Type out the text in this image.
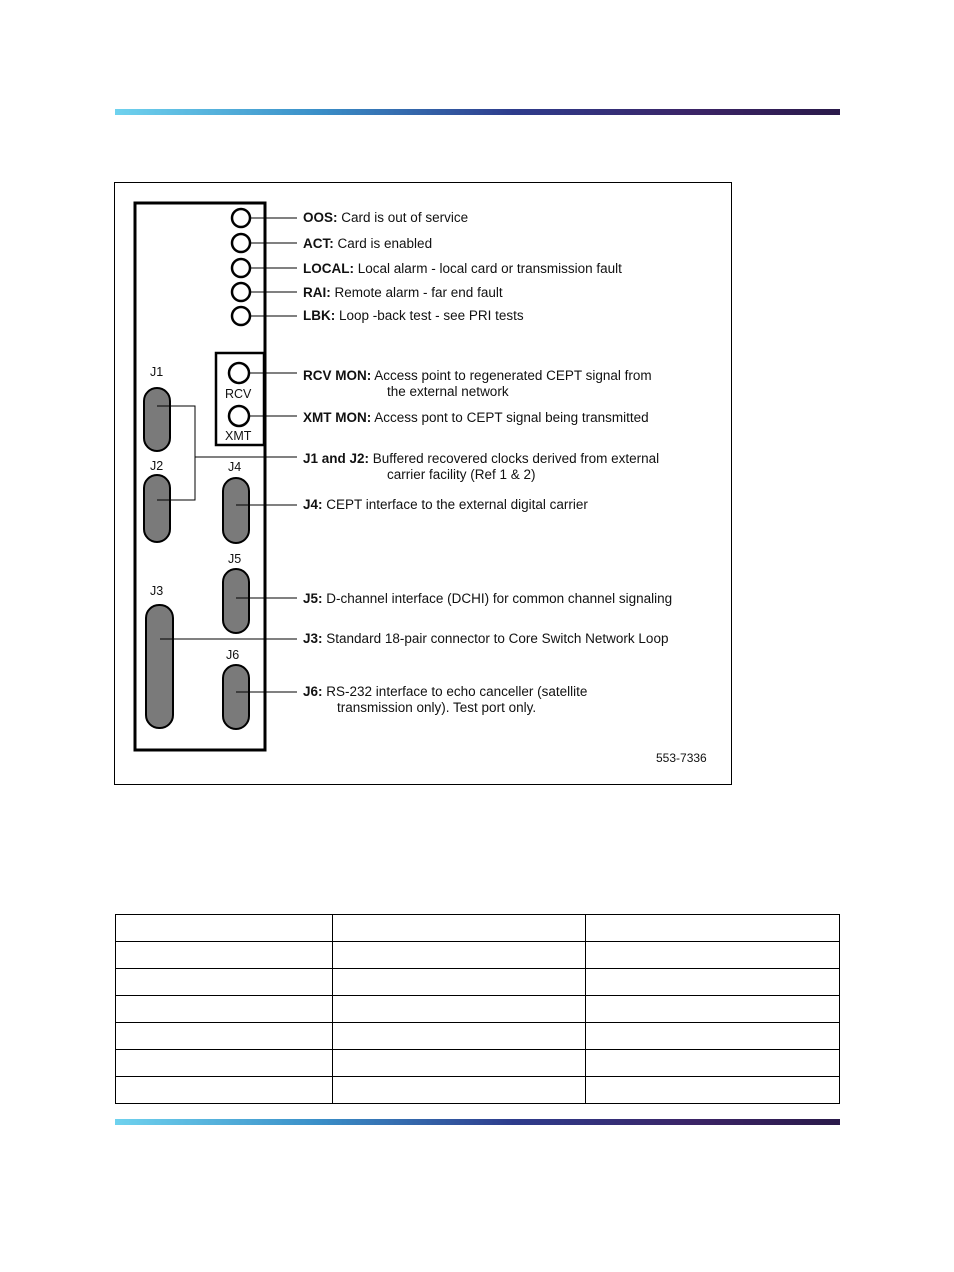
J1
J2
J3
J4
J5
J6
RCV
XMT
OOS: Card is out of service
ACT: Card is enabled
LOCAL: Local alarm - local card or transmission fault
RAI: Remote alarm - far end fault
LBK: Loop -back test - see PRI tests
RCV MON: Access point to regenerated CEPT signal from
the external network
XMT MON: Access pont to CEPT signal being transmitted
J1 and J2: Buffered recovered clocks derived from external
carrier facility (Ref 1 & 2)
J4: CEPT interface to the external digital carrier
J5: D-channel interface (DCHI) for common channel signaling
J3: Standard 18-pair connector to Core Switch Network Loop
J6: RS-232 interface to echo canceller (satellite
transmission only). Test port only.
553-7336
